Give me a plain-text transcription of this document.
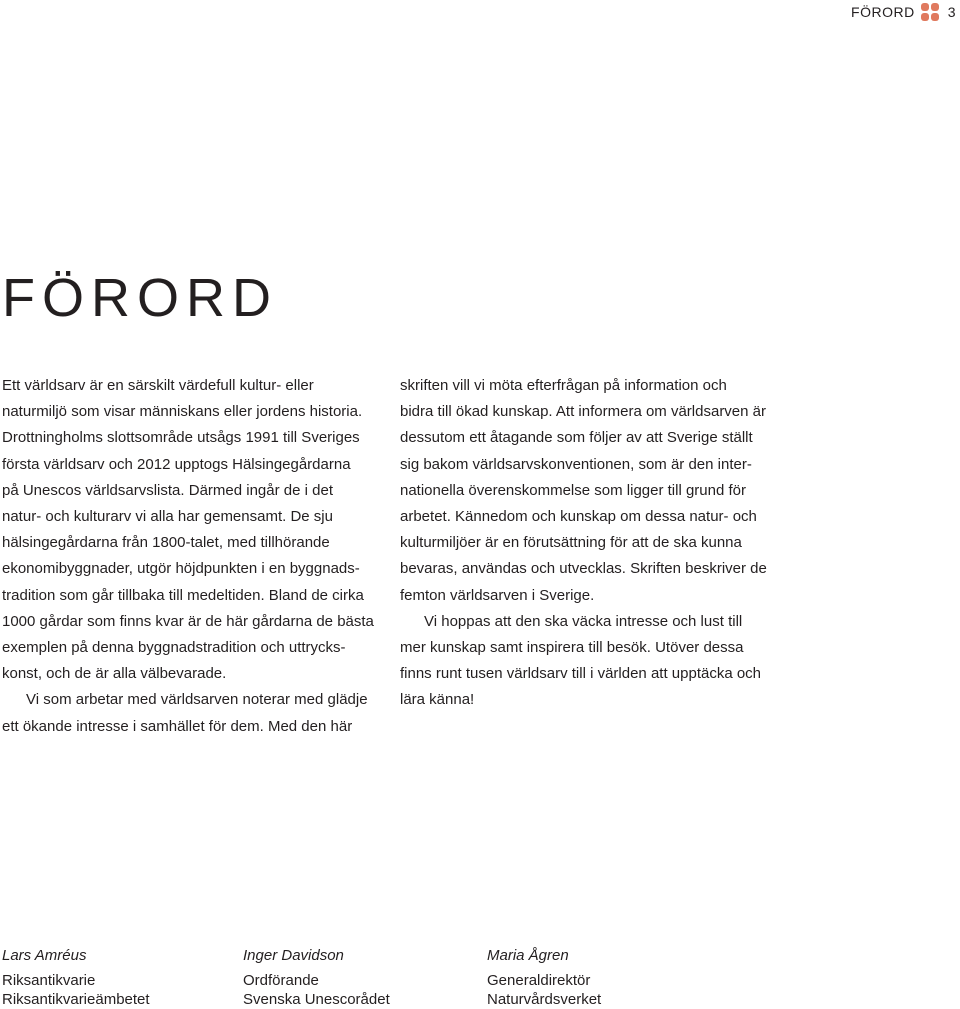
FÖRORD 3
FÖRORD

Ett världsarv är en särskilt värdefull kultur- eller
naturmiljö som visar människans eller jordens historia.
Drottningholms slottsområde utsågs 1991 till Sveriges
första världsarv och 2012 upptogs Hälsingegårdarna
på Unescos världsarvslista. Därmed ingår de i det
natur- och kulturarv vi alla har gemensamt. De sju
hälsingegårdarna från 1800-talet, med tillhörande
ekonomibyggnader, utgör höjdpunkten i en byggnads-
tradition som går tillbaka till medeltiden. Bland de cirka
1000 gårdar som finns kvar är de här gårdarna de bästa
exemplen på denna byggnadstradition och uttrycks-
konst, och de är alla välbevarade.

Vi som arbetar med världsarven noterar med glädje
ett ökande intresse i samhället för dem. Med den här

skriften vill vi möta efterfrågan på information och
bidra till ökad kunskap. Att informera om världsarven är
dessutom ett åtagande som följer av att Sverige ställt
sig bakom världsarvskonventionen, som är den inter-
nationella överenskommelse som ligger till grund för
arbetet. Kännedom och kunskap om dessa natur- och
kulturmiljöer är en förutsättning för att de ska kunna
bevaras, användas och utvecklas. Skriften beskriver de
femton världsarven i Sverige.

Vi hoppas att den ska väcka intresse och lust till
mer kunskap samt inspirera till besök. Utöver dessa
finns runt tusen världsarv till i världen att upptäcka och
lära känna!

Lars Amréus
Riksantikvarie
Riksantikvarieämbetet
Inger Davidson
Ordförande
Svenska Unescorådet
Maria Ågren
Generaldirektör
Naturvårdsverket
